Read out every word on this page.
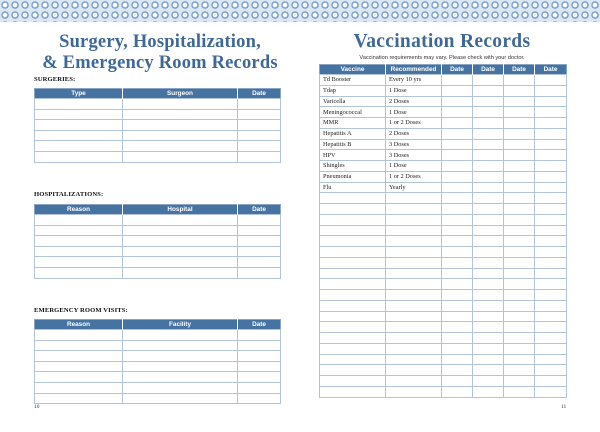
Surgery, Hospitalization,
& Emergency Room Records
SURGERIES:
Type	Surgeon	Date

HOSPITALIZATIONS:
Reason	Hospital	Date

EMERGENCY ROOM VISITS:
Reason	Facility	Date

10
Vaccination Records
Vaccination requirements may vary. Please check with your doctor.
Vaccine	Recommended	Date	Date	Date	Date
Td Booster	Every 10 yrs				
Tdap	1 Dose				
Varicella	2 Doses				
Meningococcal	1 Dose				
MMR	1 or 2 Doses				
Hepatitis A	2 Doses				
Hepatitis B	3 Doses				
HPV	3 Doses				
Shingles	1 Dose				
Pneumonia	1 or 2 Doses				
Flu	Yearly				

11
